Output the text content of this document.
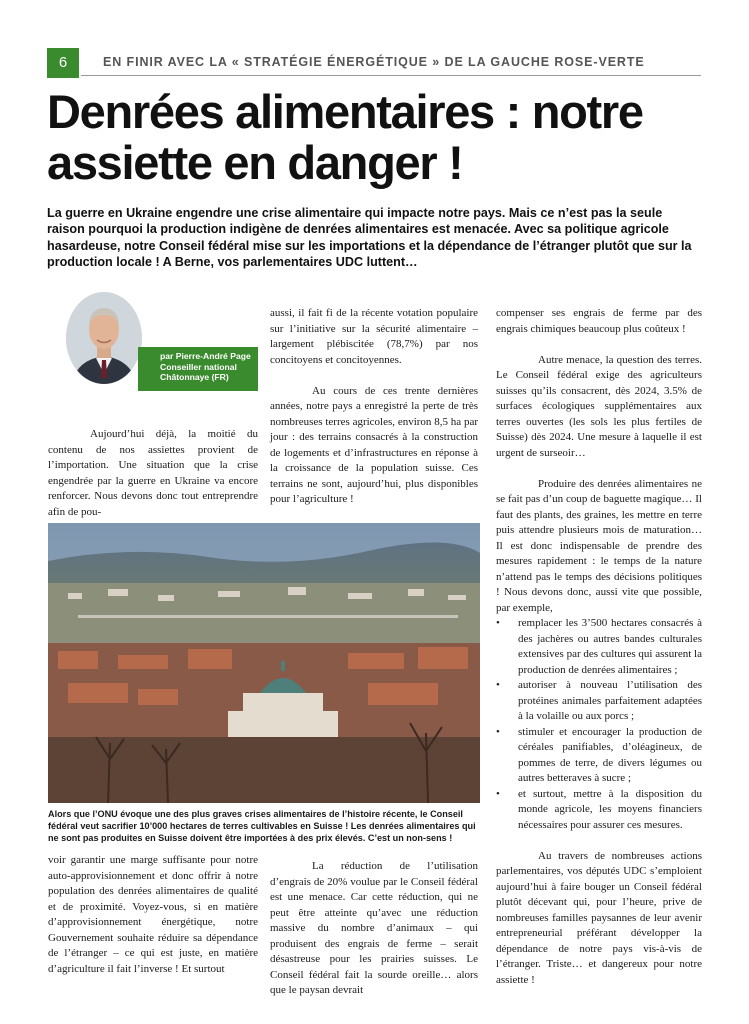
6	EN FINIR AVEC LA « STRATÉGIE ÉNERGÉTIQUE » DE LA GAUCHE ROSE-VERTE
Denrées alimentaires : notre assiette en danger !
La guerre en Ukraine engendre une crise alimentaire qui impacte notre pays. Mais ce n’est pas la seule raison pourquoi la production indigène de denrées alimentaires est menacée. Avec sa politique agricole hasardeuse, notre Conseil fédéral mise sur les importations et la dépendance de l’étranger plutôt que sur la production locale ! A Berne, vos parlementaires UDC luttent…
par Pierre-André Page
Conseiller national
Châtonnaye (FR)

Aujourd’hui déjà, la moitié du contenu de nos assiettes provient de l’importation. Une situation que la crise engendrée par la guerre en Ukraine va encore renforcer. Nous devons donc tout entreprendre afin de pou-

aussi, il fait fi de la récente votation populaire sur l’initiative sur la sécurité alimentaire – largement plébiscitée (78,7%) par nos concitoyens et concitoyennes.

Au cours de ces trente dernières années, notre pays a enregistré la perte de très nombreuses terres agricoles, environ 8,5 ha par jour : des terrains consacrés à la construction de logements et d’infrastructures en réponse à la croissance de la population suisse. Ces terrains ne sont, aujourd’hui, plus disponibles pour l’agriculture !

compenser ses engrais de ferme par des engrais chimiques beaucoup plus coûteux !

Autre menace, la question des terres. Le Conseil fédéral exige des agriculteurs suisses qu’ils consacrent, dès 2024, 3.5% de surfaces écologiques supplémentaires aux terres ouvertes (les sols les plus fertiles de Suisse) dès 2024. Une mesure à laquelle il est urgent de surseoir…

Produire des denrées alimentaires ne se fait pas d’un coup de baguette magique… Il faut des plants, des graines, les mettre en terre puis attendre plusieurs mois de maturation… Il est donc indispensable de prendre des mesures rapidement : le temps de la nature n’attend pas le temps des décisions politiques ! Nous devons donc, aussi vite que possible, par exemple,

• remplacer les 3’500 hectares consacrés à des jachères ou autres bandes culturales extensives par des cultures qui assurent la production de denrées alimentaires ;
• autoriser à nouveau l’utilisation des protéines animales parfaitement adaptées à la volaille ou aux porcs ;
• stimuler et encourager la production de céréales panifiables, d’oléagineux, de pommes de terre, de divers légumes ou autres betteraves à sucre ;
• et surtout, mettre à la disposition du monde agricole, les moyens financiers nécessaires pour assurer ces mesures.

Au travers de nombreuses actions parlementaires, vos députés UDC s’emploient aujourd’hui à faire bouger un Conseil fédéral plutôt décevant qui, pour l’heure, prive de nombreuses familles paysannes de leur avenir entrepreneurial préférant développer la dépendance de notre pays vis-à-vis de l’étranger. Triste… et dangereux pour notre assiette !

Alors que l’ONU évoque une des plus graves crises alimentaires de l’histoire récente, le Conseil fédéral veut sacrifier 10’000 hectares de terres cultivables en Suisse ! Les denrées alimentaires qui ne sont pas produites en Suisse doivent être importées à des prix élevés. C’est un non-sens !

voir garantir une marge suffisante pour notre auto-approvisionnement et donc offrir à notre population des denrées alimentaires de qualité et de proximité. Voyez-vous, si en matière d’approvisionnement énergétique, notre Gouvernement souhaite réduire sa dépendance de l’étranger – ce qui est juste, en matière d’agriculture il fait l’inverse ! Et surtout

La réduction de l’utilisation d’engrais de 20% voulue par le Conseil fédéral est une menace. Car cette réduction, qui ne peut être atteinte qu’avec une réduction massive du nombre d’animaux – qui produisent des engrais de ferme – serait désastreuse pour les prairies suisses. Le Conseil fédéral fait la sourde oreille… alors que le paysan devrait
